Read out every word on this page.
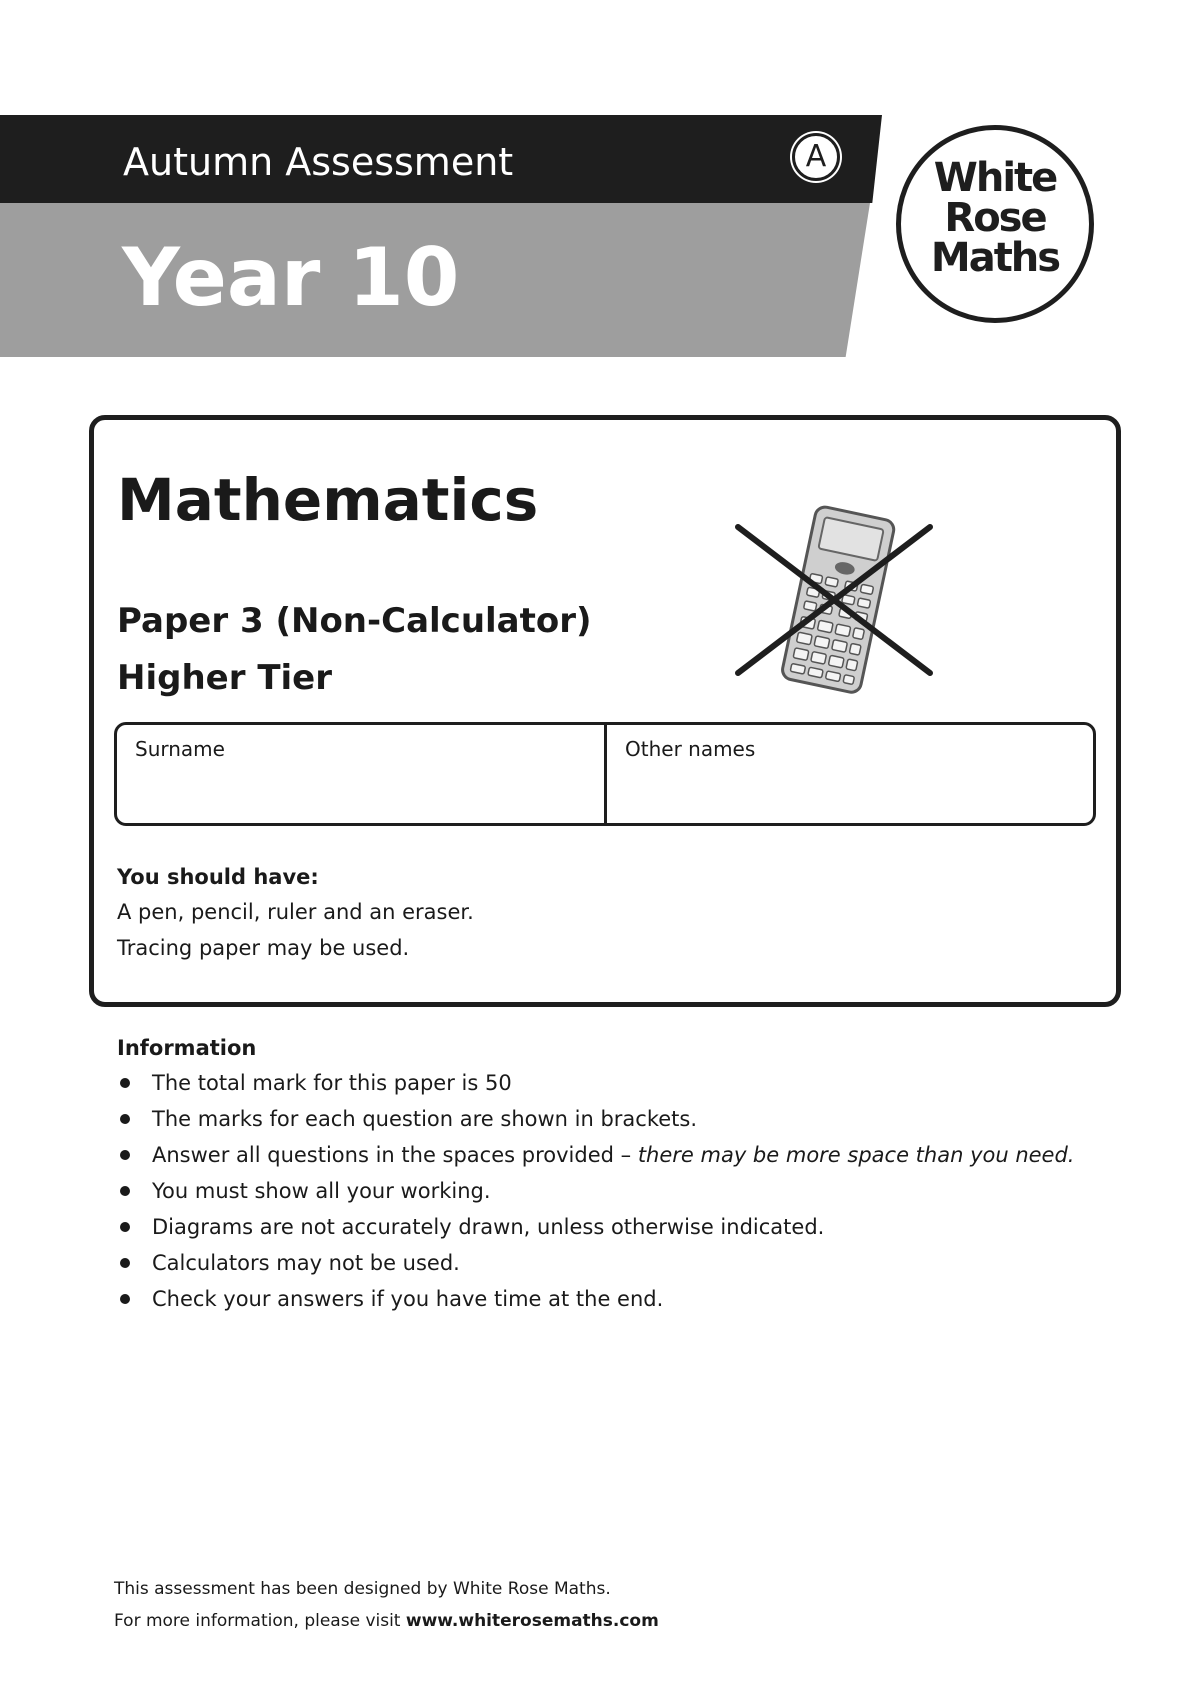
Autumn Assessment	A
Year 10
White
Rose
Maths
Mathematics
Paper 3 (Non-Calculator)
Higher Tier
Surname	Other names
You should have:
A pen, pencil, ruler and an eraser.
Tracing paper may be used.
Information
The total mark for this paper is 50
The marks for each question are shown in brackets.
Answer all questions in the spaces provided – there may be more space than you need.
You must show all your working.
Diagrams are not accurately drawn, unless otherwise indicated.
Calculators may not be used.
Check your answers if you have time at the end.
This assessment has been designed by White Rose Maths.
For more information, please visit www.whiterosemaths.com
